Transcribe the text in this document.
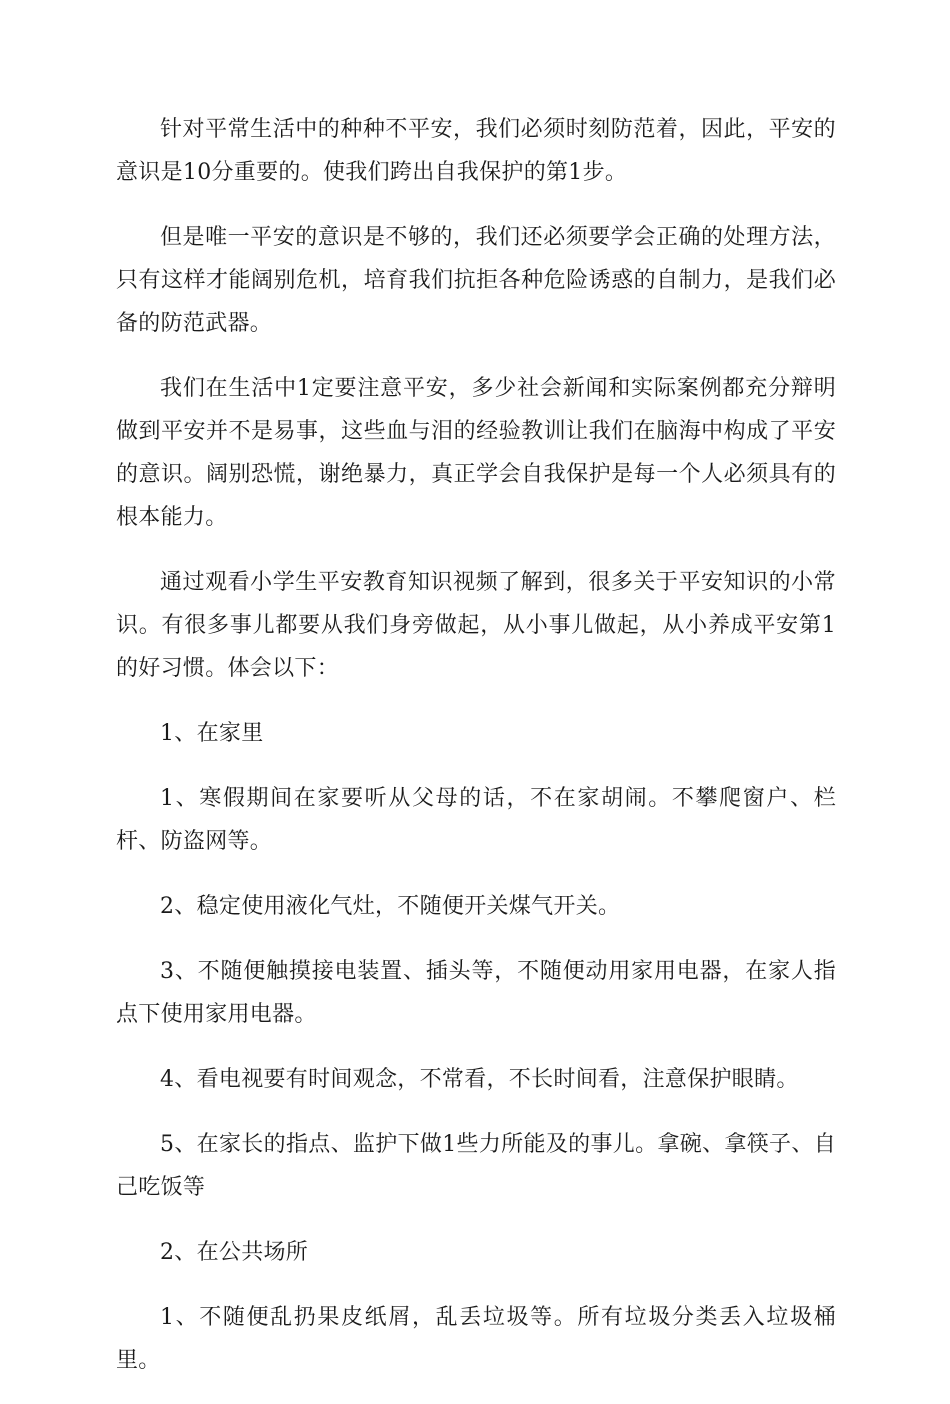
针对平常生活中的种种不平安，我们必须时刻防范着，因此，平安的意识是10分重要的。使我们跨出自我保护的第1步。

但是唯一平安的意识是不够的，我们还必须要学会正确的处理方法，只有这样才能阔别危机，培育我们抗拒各种危险诱惑的自制力，是我们必备的防范武器。

我们在生活中1定要注意平安，多少社会新闻和实际案例都充分辩明做到平安并不是易事，这些血与泪的经验教训让我们在脑海中构成了平安的意识。阔别恐慌，谢绝暴力，真正学会自我保护是每一个人必须具有的根本能力。

通过观看小学生平安教育知识视频了解到，很多关于平安知识的小常识。有很多事儿都要从我们身旁做起，从小事儿做起，从小养成平安第1的好习惯。体会以下：

1、在家里

1、寒假期间在家要听从父母的话，不在家胡闹。不攀爬窗户、栏杆、防盗网等。

2、稳定使用液化气灶，不随便开关煤气开关。

3、不随便触摸接电装置、插头等，不随便动用家用电器，在家人指点下使用家用电器。

4、看电视要有时间观念，不常看，不长时间看，注意保护眼睛。

5、在家长的指点、监护下做1些力所能及的事儿。拿碗、拿筷子、自己吃饭等

2、在公共场所

1、不随便乱扔果皮纸屑，乱丢垃圾等。所有垃圾分类丢入垃圾桶里。
